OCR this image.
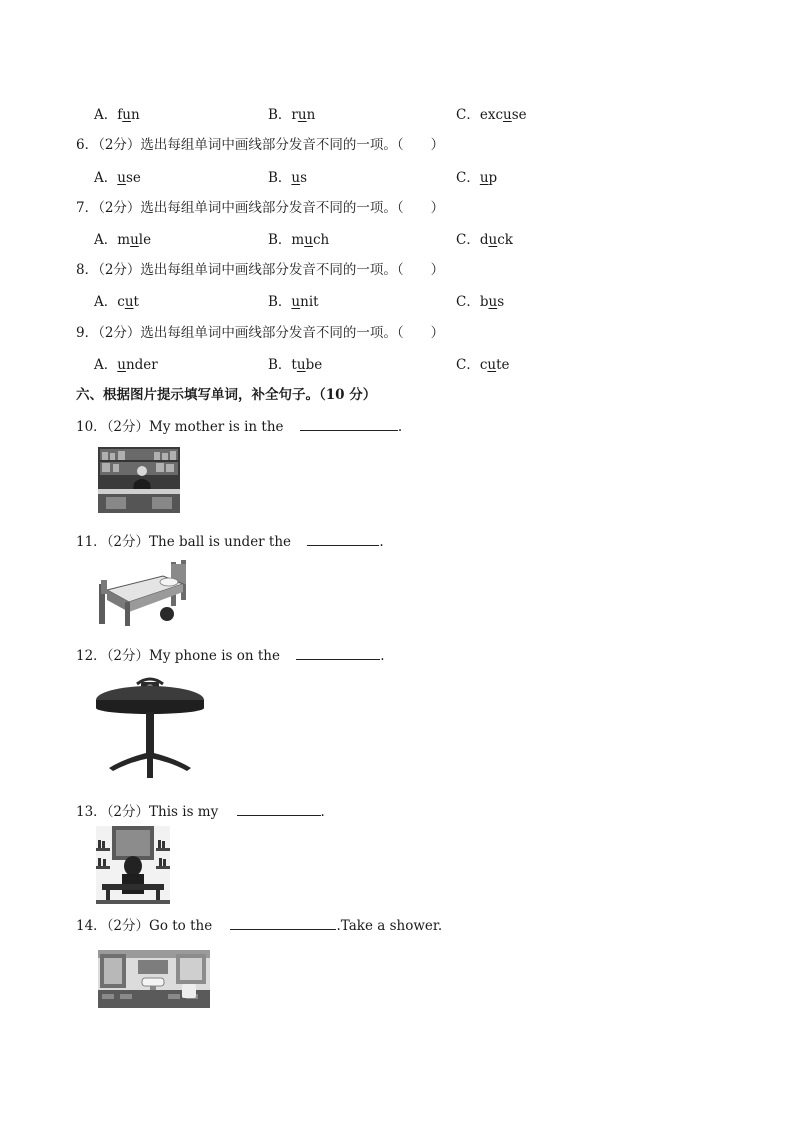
A．fun	B．run	C．excuse
6．（2分）选出每组单词中画线部分发音不同的一项。（　　）
A．use	B．us	C．up
7．（2分）选出每组单词中画线部分发音不同的一项。（　　）
A．mule	B．much	C．duck
8．（2分）选出每组单词中画线部分发音不同的一项。（　　）
A．cut	B．unit	C．bus
9．（2分）选出每组单词中画线部分发音不同的一项。（　　）
A．under	B．tube	C．cute
六、根据图片提示填写单词，补全句子。（10 分）
10．（2分）My mother is in the	.
11．（2分）The ball is under the	.
12．（2分）My phone is on the	.
13．（2分）This is my	.
14．（2分）Go to the	.Take a shower.
